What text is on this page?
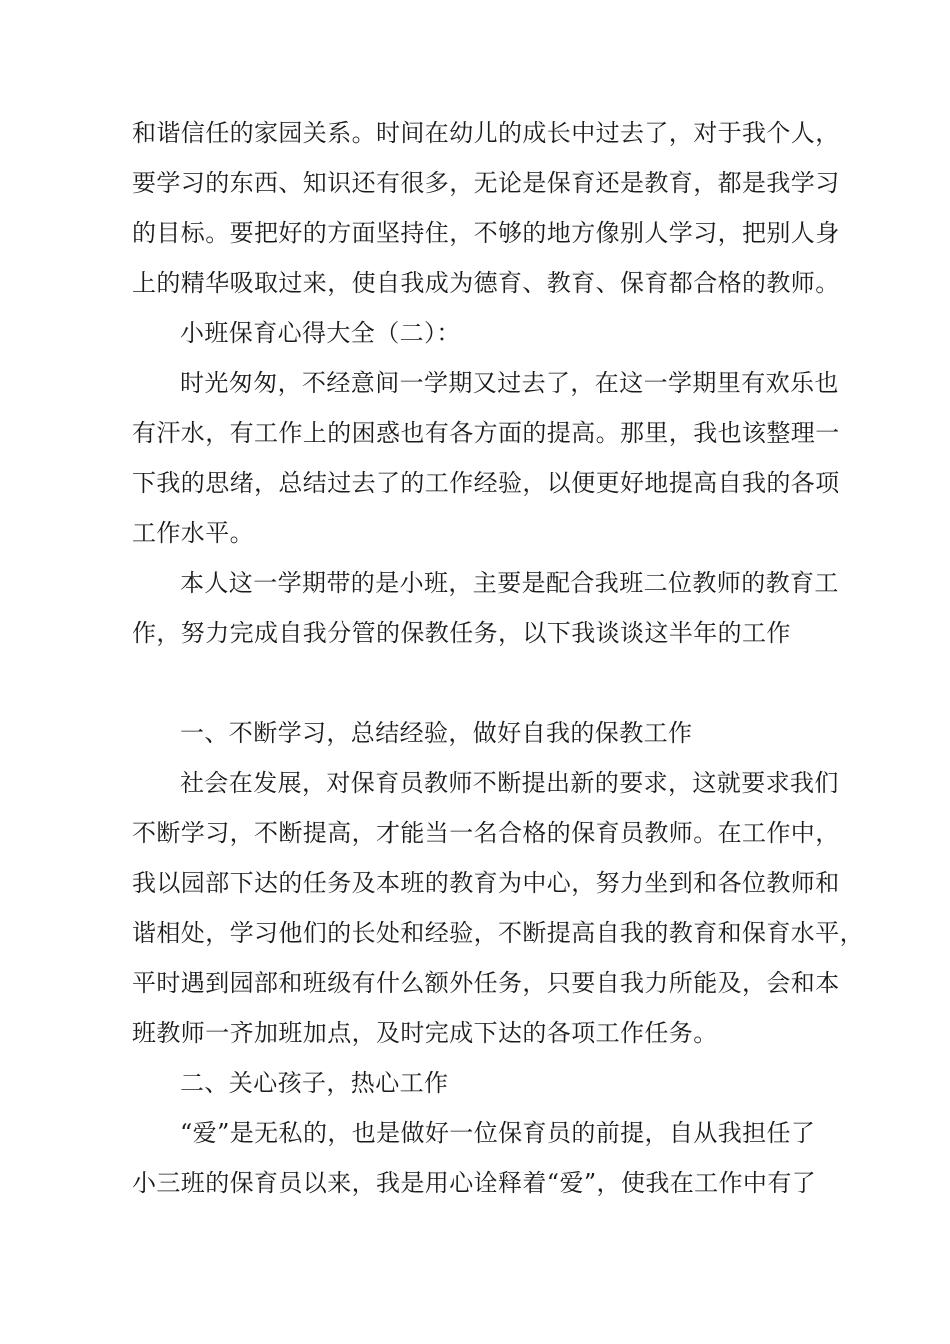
和谐信任的家园关系。时间在幼儿的成长中过去了，对于我个人，
要学习的东西、知识还有很多，无论是保育还是教育，都是我学习
的目标。要把好的方面坚持住，不够的地方像别人学习，把别人身
上的精华吸取过来，使自我成为德育、教育、保育都合格的教师。
小班保育心得大全（二）：
时光匆匆，不经意间一学期又过去了，在这一学期里有欢乐也
有汗水，有工作上的困惑也有各方面的提高。那里，我也该整理一
下我的思绪，总结过去了的工作经验，以便更好地提高自我的各项
工作水平。
本人这一学期带的是小班，主要是配合我班二位教师的教育工
作，努力完成自我分管的保教任务，以下我谈谈这半年的工作
一、不断学习，总结经验，做好自我的保教工作
社会在发展，对保育员教师不断提出新的要求，这就要求我们
不断学习，不断提高，才能当一名合格的保育员教师。在工作中，
我以园部下达的任务及本班的教育为中心，努力坐到和各位教师和
谐相处，学习他们的长处和经验，不断提高自我的教育和保育水平，
平时遇到园部和班级有什么额外任务，只要自我力所能及，会和本
班教师一齐加班加点，及时完成下达的各项工作任务。
二、关心孩子，热心工作
“爱”是无私的，也是做好一位保育员的前提，自从我担任了
小三班的保育员以来，我是用心诠释着“爱”，使我在工作中有了
